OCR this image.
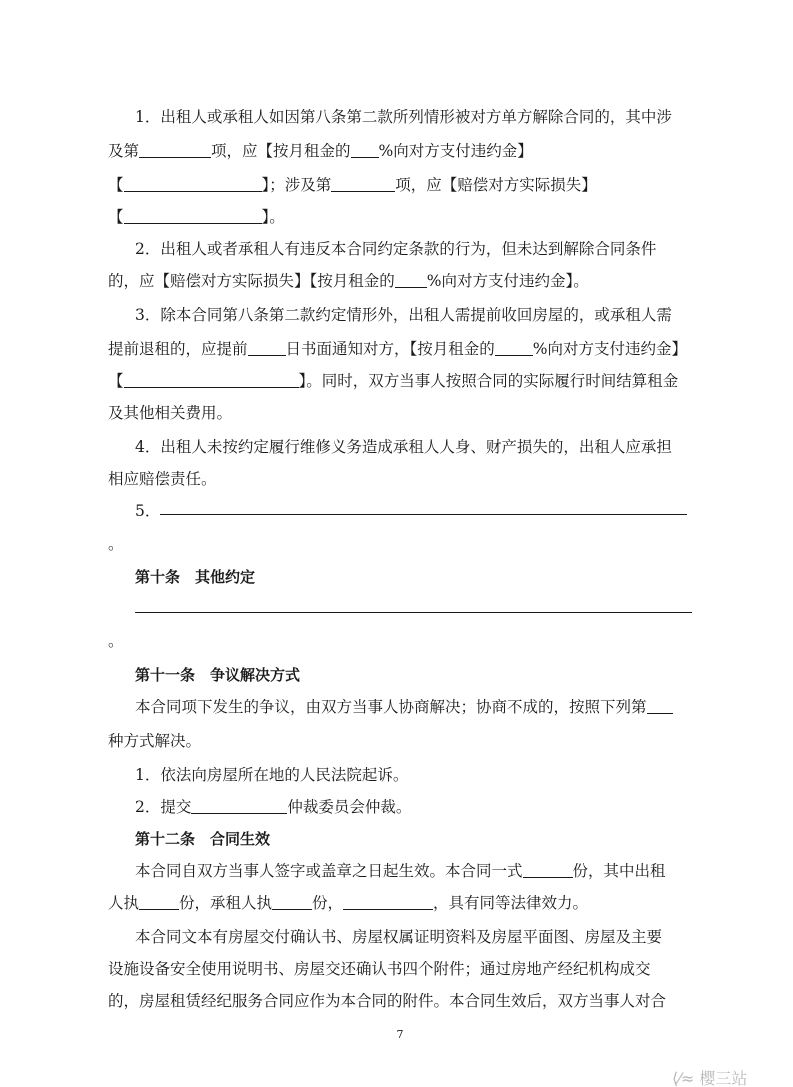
1．出租人或承租人如因第八条第二款所列情形被对方单方解除合同的，其中涉
及第	项，应【按月租金的 %向对方支付违约金】
【	】；涉及第	项，应【赔偿对方实际损失】
【	】。
2．出租人或者承租人有违反本合同约定条款的行为，但未达到解除合同条件
的，应【赔偿对方实际损失】【按月租金的 %向对方支付违约金】。
3．除本合同第八条第二款约定情形外，出租人需提前收回房屋的，或承租人需
提前退租的，应提前 日书面通知对方，【按月租金的 %向对方支付违约金】
【	】。同时，双方当事人按照合同的实际履行时间结算租金
及其他相关费用。
4．出租人未按约定履行维修义务造成承租人人身、财产损失的，出租人应承担
相应赔偿责任。
5．
。
第十条　其他约定
。
第十一条　争议解决方式
本合同项下发生的争议，由双方当事人协商解决；协商不成的，按照下列第
种方式解决。
1．依法向房屋所在地的人民法院起诉。
2．提交	仲裁委员会仲裁。
第十二条　合同生效
本合同自双方当事人签字或盖章之日起生效。本合同一式	份，其中出租
人执	份，承租人执	份，	，具有同等法律效力。
本合同文本有房屋交付确认书、房屋权属证明资料及房屋平面图、房屋及主要
设施设备安全使用说明书、房屋交还确认书四个附件；通过房地产经纪机构成交
的，房屋租赁经纪服务合同应作为本合同的附件。本合同生效后，双方当事人对合
7
⟨⁄≈ 樱三站
